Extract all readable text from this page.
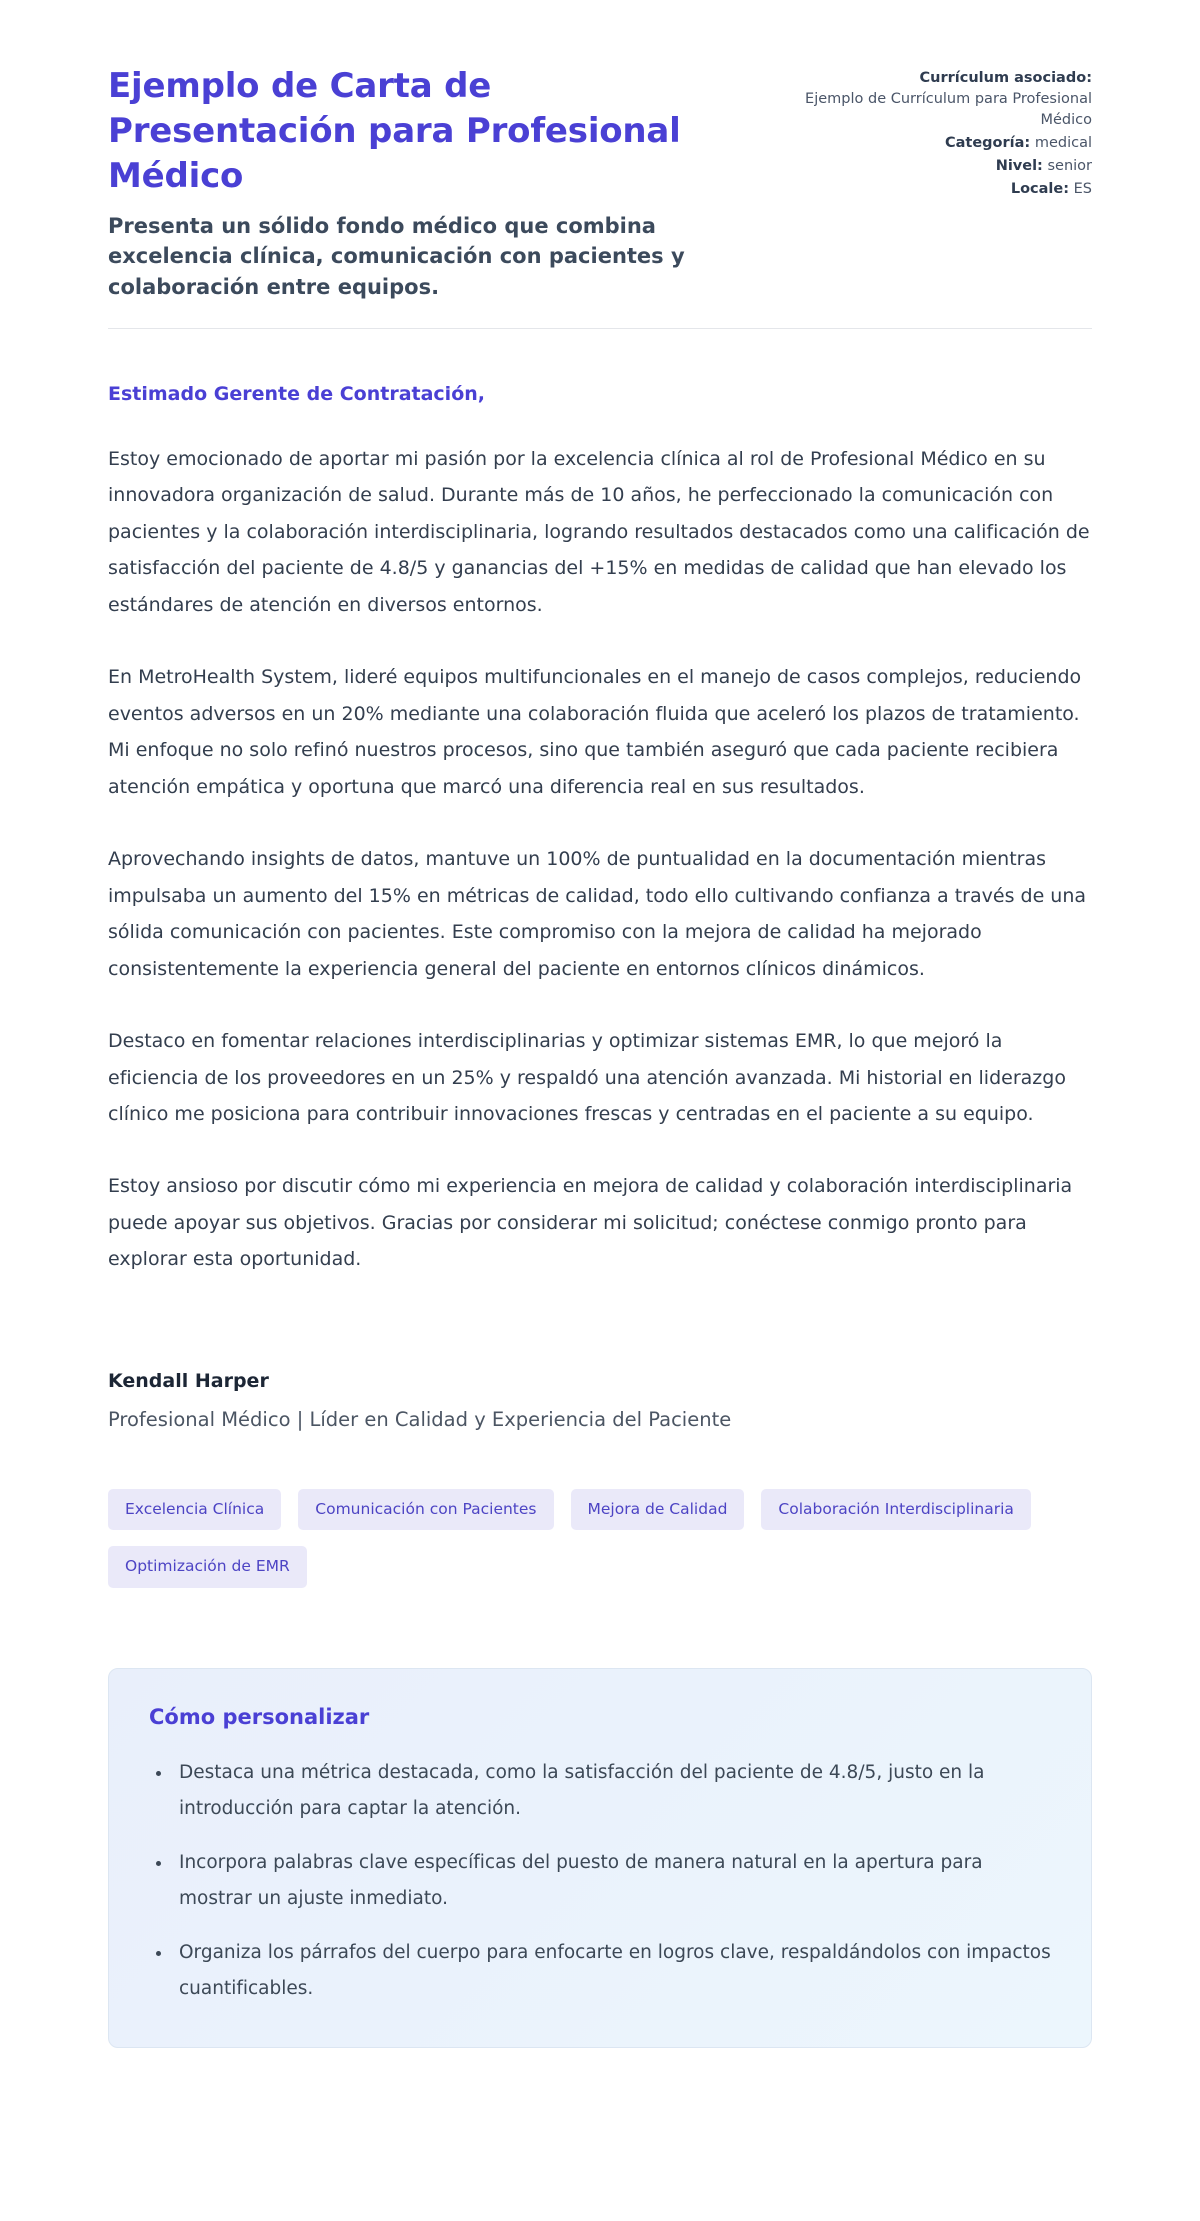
Ejemplo de Carta de Presentación para Profesional Médico

Presenta un sólido fondo médico que combina excelencia clínica, comunicación con pacientes y colaboración entre equipos.

Currículum asociado:
Ejemplo de Currículum para Profesional Médico
Categoría: medical
Nivel: senior
Locale: ES

Estimado Gerente de Contratación,

Estoy emocionado de aportar mi pasión por la excelencia clínica al rol de Profesional Médico en su innovadora organización de salud. Durante más de 10 años, he perfeccionado la comunicación con pacientes y la colaboración interdisciplinaria, logrando resultados destacados como una calificación de satisfacción del paciente de 4.8/5 y ganancias del +15% en medidas de calidad que han elevado los estándares de atención en diversos entornos.

En MetroHealth System, lideré equipos multifuncionales en el manejo de casos complejos, reduciendo eventos adversos en un 20% mediante una colaboración fluida que aceleró los plazos de tratamiento. Mi enfoque no solo refinó nuestros procesos, sino que también aseguró que cada paciente recibiera atención empática y oportuna que marcó una diferencia real en sus resultados.

Aprovechando insights de datos, mantuve un 100% de puntualidad en la documentación mientras impulsaba un aumento del 15% en métricas de calidad, todo ello cultivando confianza a través de una sólida comunicación con pacientes. Este compromiso con la mejora de calidad ha mejorado consistentemente la experiencia general del paciente en entornos clínicos dinámicos.

Destaco en fomentar relaciones interdisciplinarias y optimizar sistemas EMR, lo que mejoró la eficiencia de los proveedores en un 25% y respaldó una atención avanzada. Mi historial en liderazgo clínico me posiciona para contribuir innovaciones frescas y centradas en el paciente a su equipo.

Estoy ansioso por discutir cómo mi experiencia en mejora de calidad y colaboración interdisciplinaria puede apoyar sus objetivos. Gracias por considerar mi solicitud; conéctese conmigo pronto para explorar esta oportunidad.

Kendall Harper

Profesional Médico | Líder en Calidad y Experiencia del Paciente

Excelencia Clínica	Comunicación con Pacientes	Mejora de Calidad	Colaboración Interdisciplinaria
Optimización de EMR
Cómo personalizar
• Destaca una métrica destacada, como la satisfacción del paciente de 4.8/5, justo en la introducción para captar la atención.
• Incorpora palabras clave específicas del puesto de manera natural en la apertura para mostrar un ajuste inmediato.
• Organiza los párrafos del cuerpo para enfocarte en logros clave, respaldándolos con impactos cuantificables.
